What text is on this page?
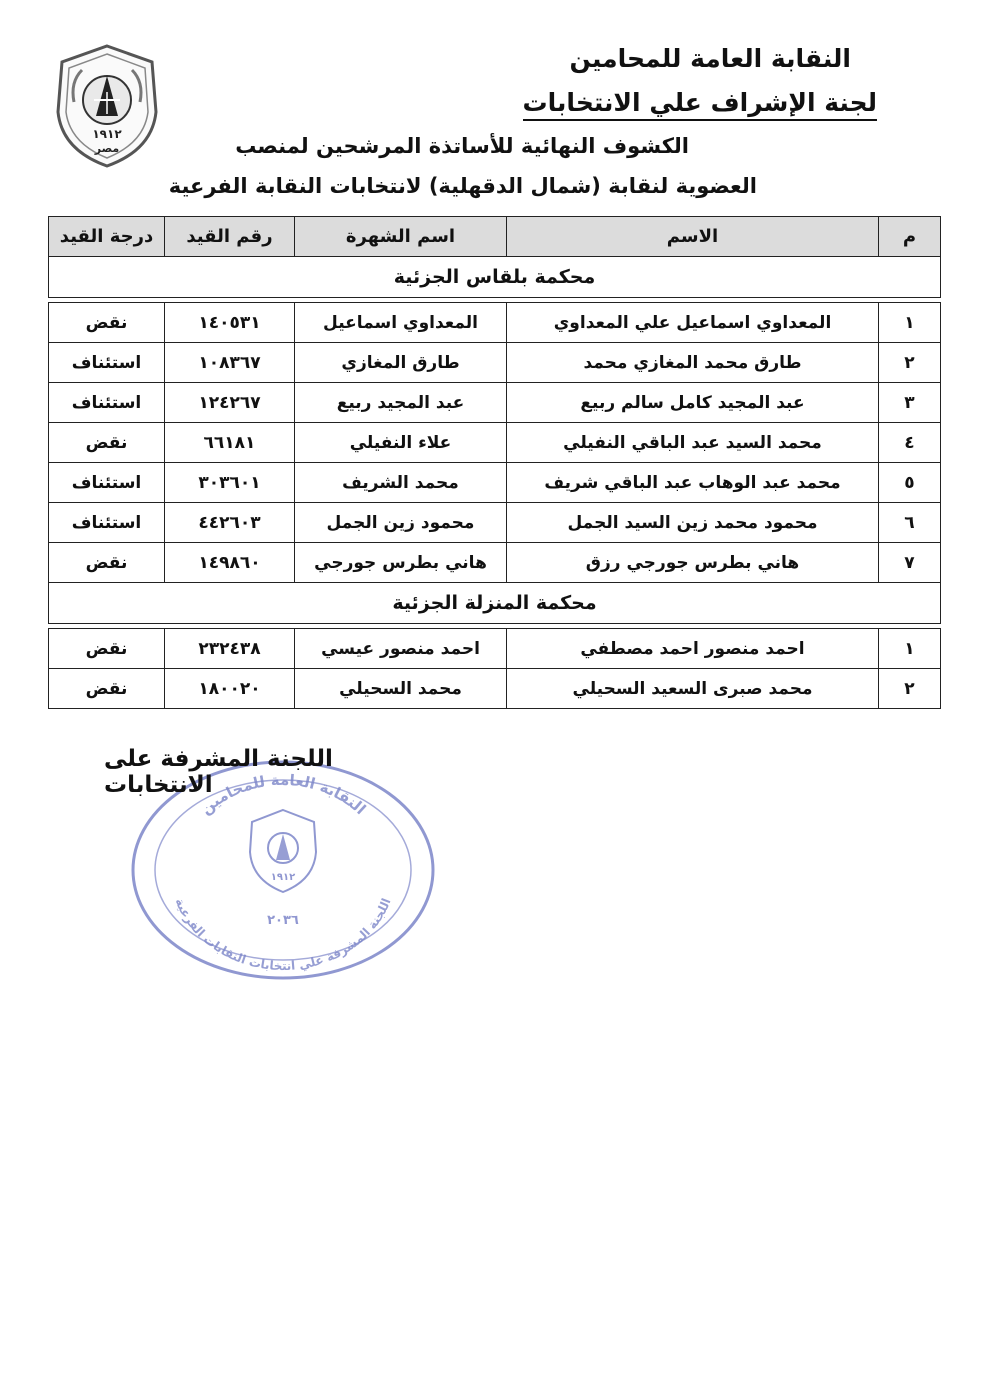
١٩١٢
مصر
النقابة العامة للمحامين
لجنة الإشراف علي الانتخابات
الكشوف النهائية للأساتذة المرشحين لمنصب
العضوية لنقابة (شمال الدقهلية) لانتخابات النقابة الفرعية
م	الاسم	اسم الشهرة	رقم القيد	درجة القيد
محكمة بلقاس الجزئية				

١	المعداوي اسماعيل علي المعداوي	المعداوي اسماعيل	١٤٠٥٣١	نقض
٢	طارق محمد المغازي محمد	طارق المغازي	١٠٨٣٦٧	استئناف
٣	عبد المجيد كامل سالم ربيع	عبد المجيد ربيع	١٢٤٢٦٧	استئناف
٤	محمد السيد عبد الباقي النفيلي	علاء النفيلي	٦٦١٨١	نقض
٥	محمد عبد الوهاب عبد الباقي شريف	محمد الشريف	٣٠٣٦٠١	استئناف
٦	محمود محمد زين السيد الجمل	محمود زين الجمل	٤٤٢٦٠٣	استئناف
٧	هاني بطرس جورجي رزق	هاني بطرس جورجي	١٤٩٨٦٠	نقض
محكمة المنزلة الجزئية				

١	احمد منصور احمد مصطفي	احمد منصور عيسي	٢٣٢٤٣٨	نقض
٢	محمد صبرى السعيد السحيلي	محمد السحيلي	١٨٠٠٢٠	نقض
النقابة العامة للمحامين
اللجنة المشرفة علي انتخابات النقابات الفرعية
١٩١٢
٢٠٣٦
اللجنة المشرفة على الانتخابات
